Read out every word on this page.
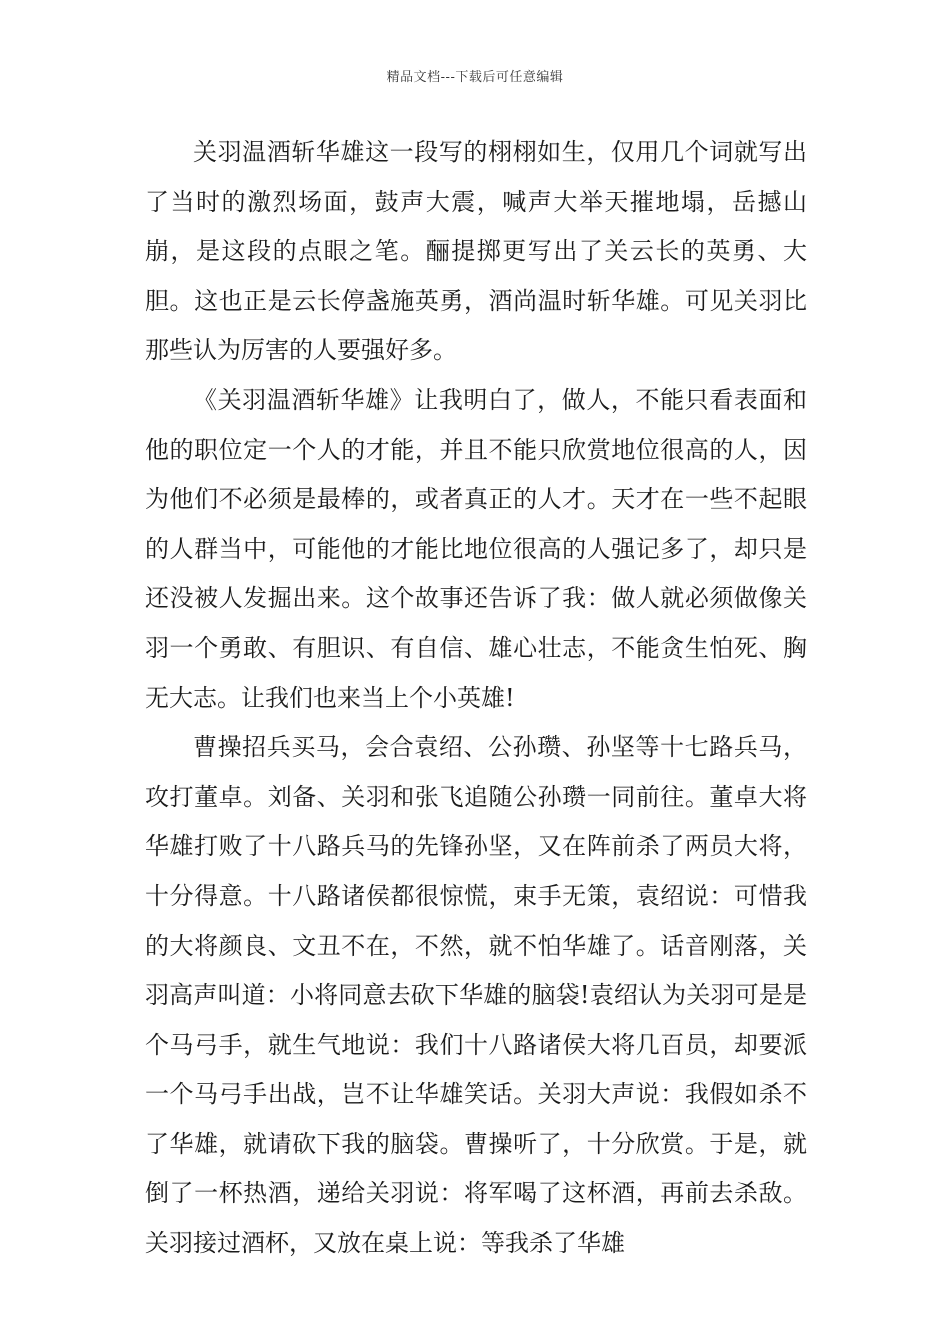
精品文档---下载后可任意编辑

关羽温酒斩华雄这一段写的栩栩如生，仅用几个词就写出了当时的激烈场面，鼓声大震，喊声大举天摧地塌，岳撼山崩，是这段的点眼之笔。酾提掷更写出了关云长的英勇、大胆。这也正是云长停盏施英勇，酒尚温时斩华雄。可见关羽比那些认为厉害的人要强好多。

《关羽温酒斩华雄》让我明白了，做人，不能只看表面和他的职位定一个人的才能，并且不能只欣赏地位很高的人，因为他们不必须是最棒的，或者真正的人才。天才在一些不起眼的人群当中，可能他的才能比地位很高的人强记多了，却只是还没被人发掘出来。这个故事还告诉了我：做人就必须做像关羽一个勇敢、有胆识、有自信、雄心壮志，不能贪生怕死、胸无大志。让我们也来当上个小英雄!

曹操招兵买马，会合袁绍、公孙瓒、孙坚等十七路兵马，攻打董卓。刘备、关羽和张飞追随公孙瓒一同前往。董卓大将华雄打败了十八路兵马的先锋孙坚，又在阵前杀了两员大将，十分得意。十八路诸侯都很惊慌，束手无策，袁绍说：可惜我的大将颜良、文丑不在，不然，就不怕华雄了。话音刚落，关羽高声叫道：小将同意去砍下华雄的脑袋!袁绍认为关羽可是是个马弓手，就生气地说：我们十八路诸侯大将几百员，却要派一个马弓手出战，岂不让华雄笑话。关羽大声说：我假如杀不了华雄，就请砍下我的脑袋。曹操听了，十分欣赏。于是，就倒了一杯热酒，递给关羽说：将军喝了这杯酒，再前去杀敌。关羽接过酒杯，又放在桌上说：等我杀了华雄
